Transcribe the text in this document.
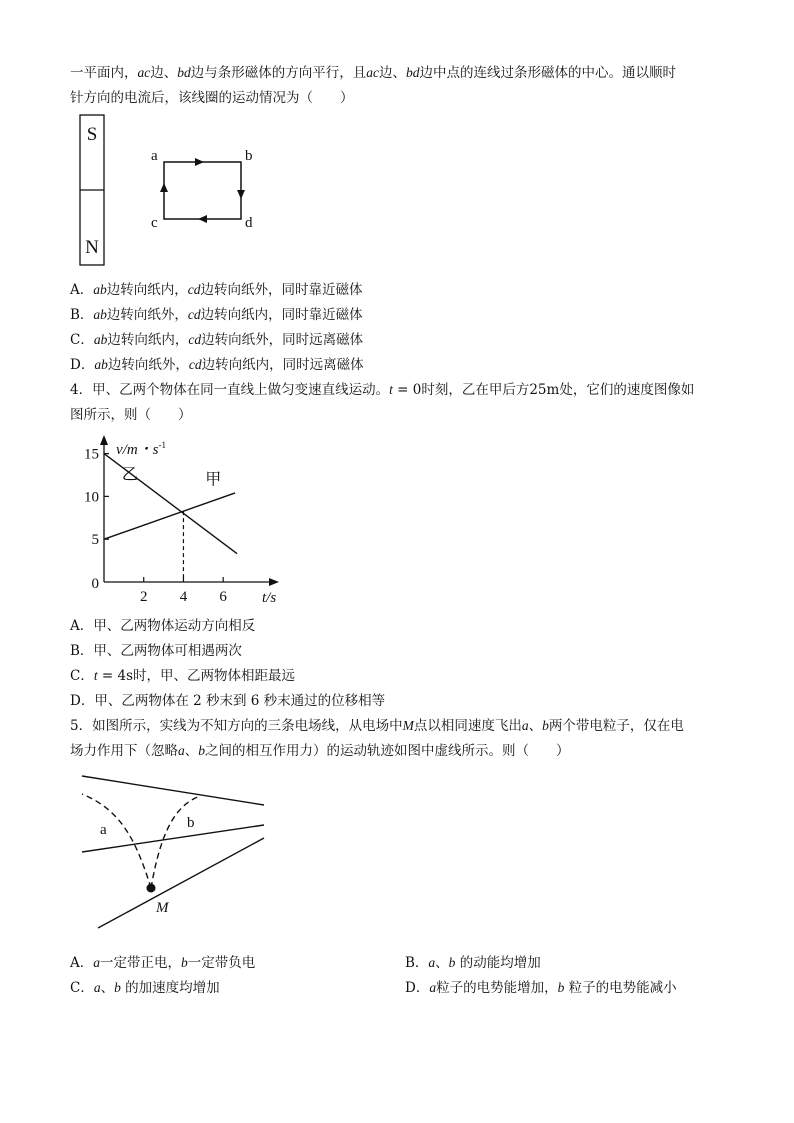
一平面内，ac边、bd边与条形磁体的方向平行，且ac边、bd边中点的连线过条形磁体的中心。通以顺时
针方向的电流后，该线圈的运动情况为（　　）
S
N
a	b
c	d
A．ab边转向纸内，cd边转向纸外，同时靠近磁体
B．ab边转向纸外，cd边转向纸内，同时靠近磁体
C．ab边转向纸内，cd边转向纸外，同时远离磁体
D．ab边转向纸外，cd边转向纸内，同时远离磁体
4．甲、乙两个物体在同一直线上做匀变速直线运动。t = 0时刻，乙在甲后方25m处，它们的速度图像如
图所示，则（　　）
v/m・$s^{-1}$
t/s
2 4 6
0
5
10
15
乙	甲
A．甲、乙两物体运动方向相反
B．甲、乙两物体可相遇两次
C．t = 4s时，甲、乙两物体相距最远
D．甲、乙两物体在 2 秒末到 6 秒末通过的位移相等
5．如图所示，实线为不知方向的三条电场线，从电场中M点以相同速度飞出a、b两个带电粒子，仅在电
场力作用下（忽略a、b之间的相互作用力）的运动轨迹如图中虚线所示。则（　　）
a	b
M
A．a一定带正电，b一定带负电	B．a、b 的动能均增加
C．a、b 的加速度均增加	D．a粒子的电势能增加，b 粒子的电势能减小
